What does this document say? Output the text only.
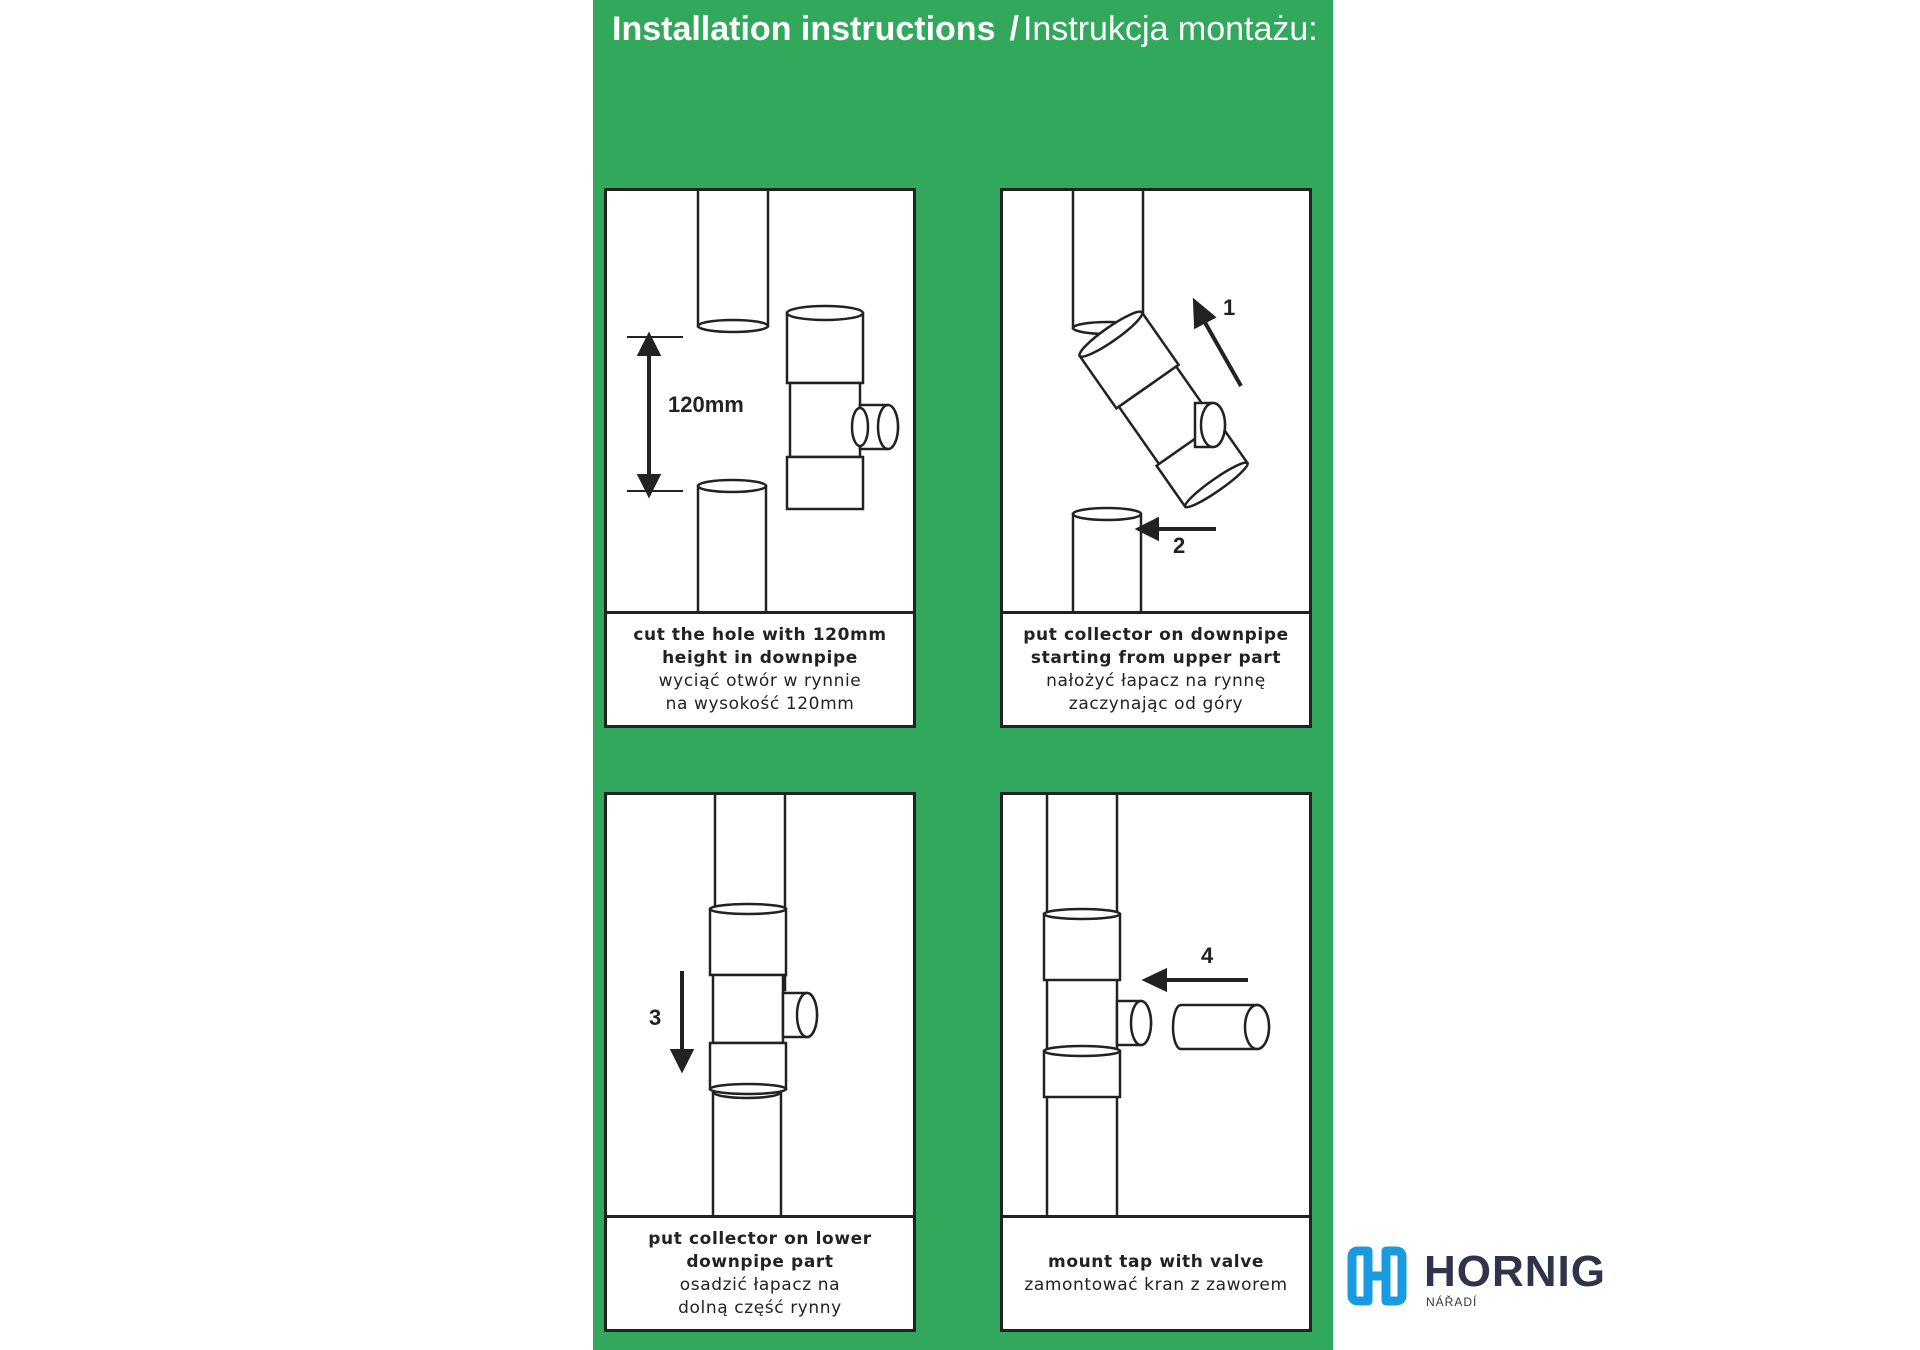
Installation instructions / Instrukcja montażu:
120mm
cut the hole with 120mm
height in downpipe
wyciąć otwór w rynnie
na wysokość 120mm
1
2
put collector on downpipe
starting from upper part
nałożyć łapacz na rynnę
zaczynając od góry
3
put collector on lower
downpipe part
osadzić łapacz na
dolną część rynny
4
mount tap with valve
zamontować kran z zaworem	HORNIG
NÁŘADÍ
